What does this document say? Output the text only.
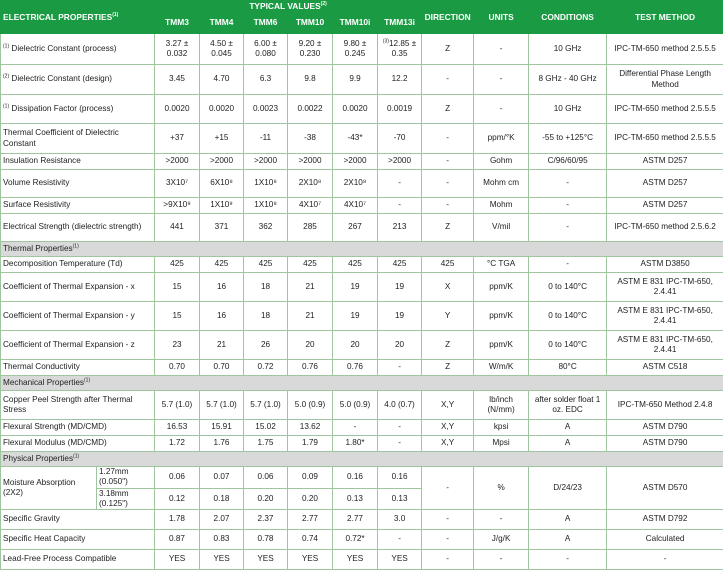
ELECTRICAL PROPERTIES$^{(1)}$		TYPICAL VALUES$^{(2)}$						DIRECTION	UNITS	CONDITIONS	TEST METHOD
		TMM3	TMM4	TMM6	TMM10	TMM10i	TMM13i				
$^{(1)}$ Dielectric Constant (process)		3.27 ± 0.032	4.50 ± 0.045	6.00 ± 0.080	9.20 ± 0.230	9.80 ± 0.245	$^{(3)}$12.85 ± 0.35	Z	-	10 GHz	IPC-TM-650 method 2.5.5.5
$^{(2)}$ Dielectric Constant (design)		3.45	4.70	6.3	9.8	9.9	12.2	-	-	8 GHz - 40 GHz	Differential Phase Length Method
$^{(1)}$ Dissipation Factor (process)		0.0020	0.0020	0.0023	0.0022	0.0020	0.0019	Z	-	10 GHz	IPC-TM-650 method 2.5.5.5
Thermal Coefficient of Dielectric Constant		+37	+15	-11	-38	-43*	-70	-	ppm/°K	-55 to +125°C	IPC-TM-650 method 2.5.5.5
Insulation Resistance		>2000	>2000	>2000	>2000	>2000	>2000	-	Gohm	C/96/60/95	ASTM D257
Volume Resistivity		3X10⁷	6X10⁸	1X10⁸	2X10⁸	2X10⁸	-	-	Mohm cm	-	ASTM D257
Surface Resistivity		>9X10⁹	1X10⁹	1X10⁸	4X10⁷	4X10⁷	-	-	Mohm	-	ASTM D257
Electrical Strength (dielectric strength)		441	371	362	285	267	213	Z	V/mil	-	IPC-TM-650 method 2.5.6.2
Thermal Properties$^{(1)}$
Decomposition Temperature (Td)		425	425	425	425	425	425	425	°C TGA	-	ASTM D3850
Coefficient of Thermal Expansion - x		15	16	18	21	19	19	X	ppm/K	0 to 140°C	ASTM E 831 IPC-TM-650, 2.4.41
Coefficient of Thermal Expansion - y		15	16	18	21	19	19	Y	ppm/K	0 to 140°C	ASTM E 831 IPC-TM-650, 2.4.41
Coefficient of Thermal Expansion - z		23	21	26	20	20	20	Z	ppm/K	0 to 140°C	ASTM E 831 IPC-TM-650, 2.4.41
Thermal Conductivity		0.70	0.70	0.72	0.76	0.76	-	Z	W/m/K	80°C	ASTM C518
Mechanical Properties$^{(1)}$
Copper Peel Strength after Thermal Stress		5.7 (1.0)	5.7 (1.0)	5.7 (1.0)	5.0 (0.9)	5.0 (0.9)	4.0 (0.7)	X,Y	lb/inch (N/mm)	after solder float 1 oz. EDC	IPC-TM-650 Method 2.4.8
Flexural Strength (MD/CMD)		16.53	15.91	15.02	13.62	-	-	X,Y	kpsi	A	ASTM D790
Flexural Modulus (MD/CMD)		1.72	1.76	1.75	1.79	1.80*	-	X,Y	Mpsi	A	ASTM D790
Physical Properties$^{(1)}$
Moisture Absorption (2X2)	1.27mm (0.050")	0.06	0.07	0.06	0.09	0.16	0.16	-	%	D/24/23	ASTM D570
	3.18mm (0.125")	0.12	0.18	0.20	0.20	0.13	0.13				
Specific Gravity		1.78	2.07	2.37	2.77	2.77	3.0	-	-	A	ASTM D792
Specific Heat Capacity		0.87	0.83	0.78	0.74	0.72*	-	-	J/g/K	A	Calculated
Lead-Free Process Compatible		YES	YES	YES	YES	YES	YES	-	-	-	-
